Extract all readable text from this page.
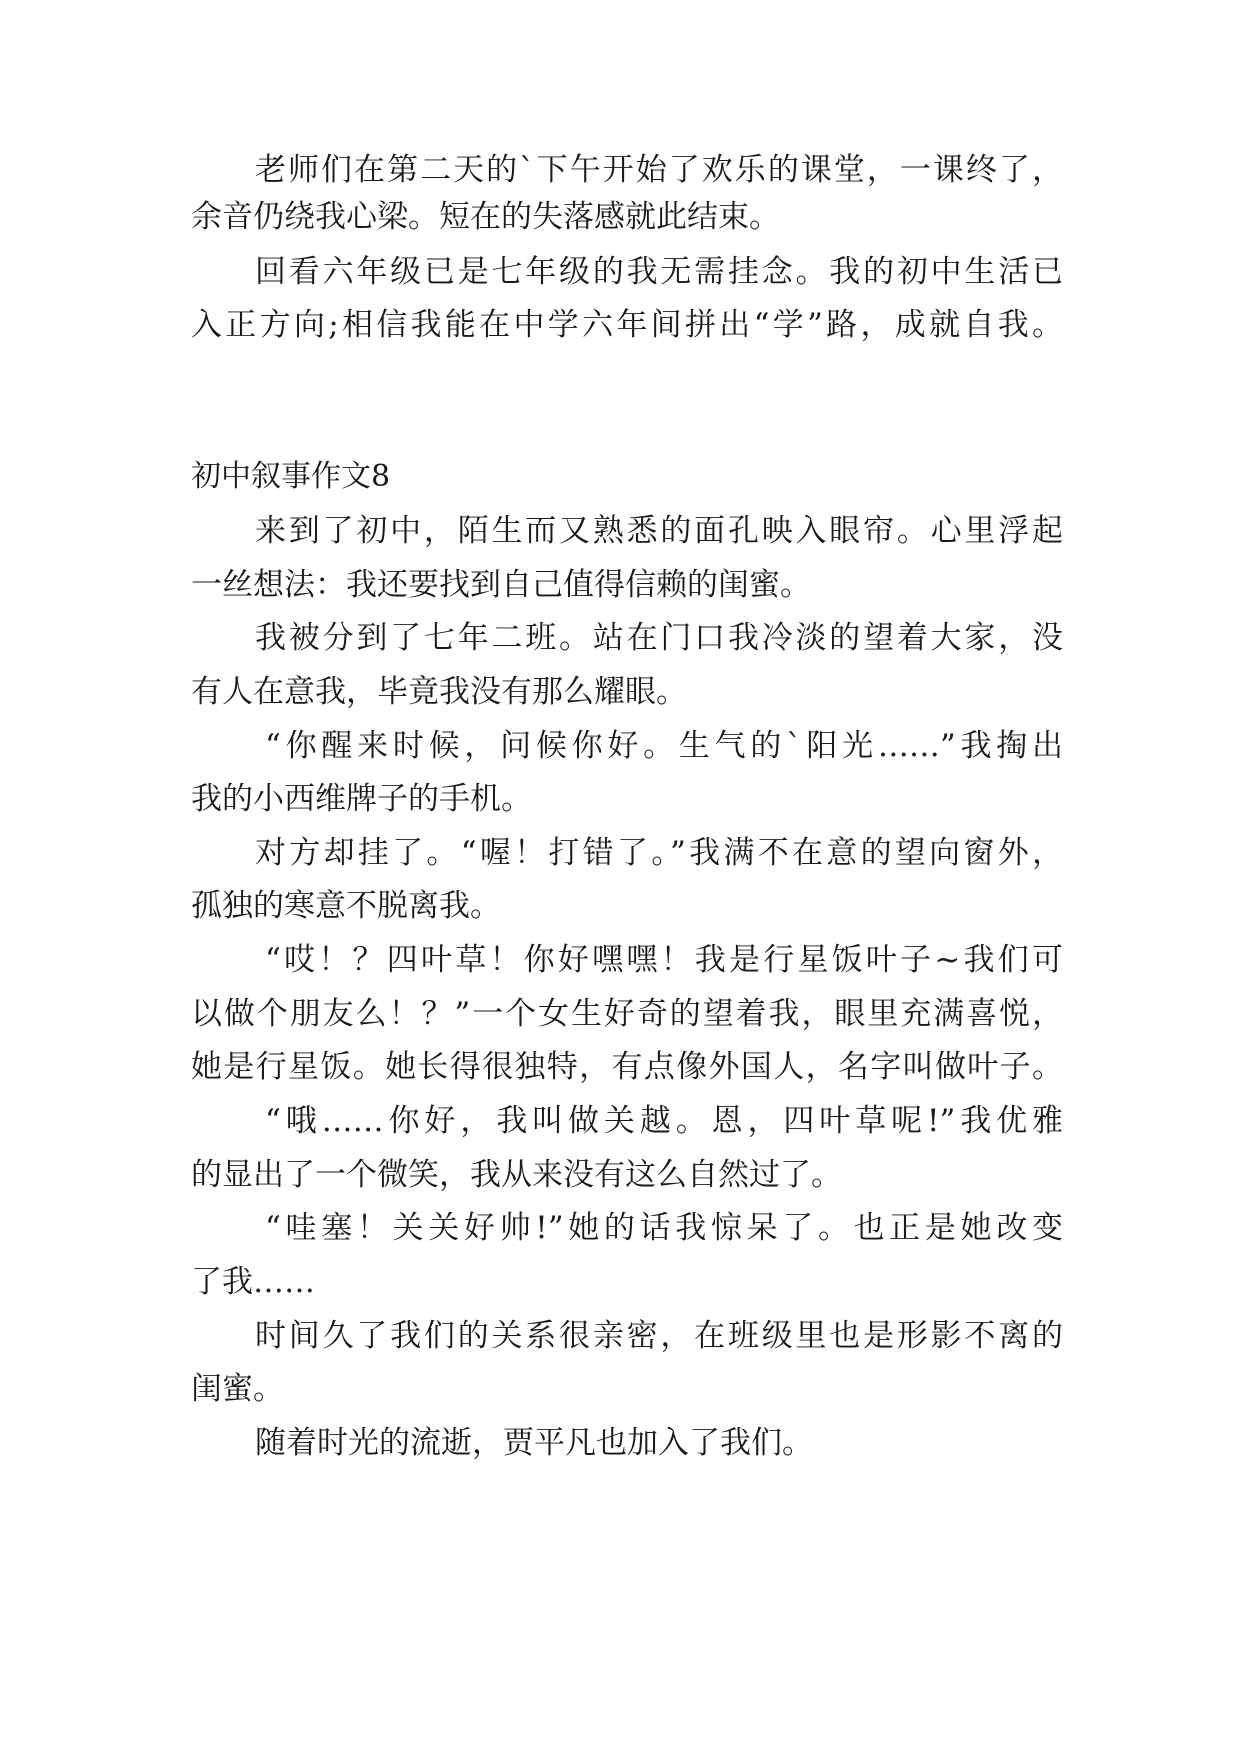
老师们在第二天的`下午开始了欢乐的课堂，一课终了，

余音仍绕我心梁。短在的失落感就此结束。

回看六年级已是七年级的我无需挂念。我的初中生活已

入正方向;相信我能在中学六年间拼出“学”路，成就自我。

初中叙事作文8

来到了初中，陌生而又熟悉的面孔映入眼帘。心里浮起

一丝想法：我还要找到自己值得信赖的闺蜜。

我被分到了七年二班。站在门口我冷淡的望着大家，没

有人在意我，毕竟我没有那么耀眼。

“你醒来时候，问候你好。生气的`阳光……”我掏出

我的小西维牌子的手机。

对方却挂了。“喔！打错了。”我满不在意的望向窗外，

孤独的寒意不脱离我。

“哎！？四叶草！你好嘿嘿！我是行星饭叶子~我们可

以做个朋友么！？”一个女生好奇的望着我，眼里充满喜悦，

她是行星饭。她长得很独特，有点像外国人，名字叫做叶子。

“哦……你好，我叫做关越。恩，四叶草呢!”我优雅

的显出了一个微笑，我从来没有这么自然过了。

“哇塞！关关好帅!”她的话我惊呆了。也正是她改变

了我……

时间久了我们的关系很亲密，在班级里也是形影不离的

闺蜜。

随着时光的流逝，贾平凡也加入了我们。
